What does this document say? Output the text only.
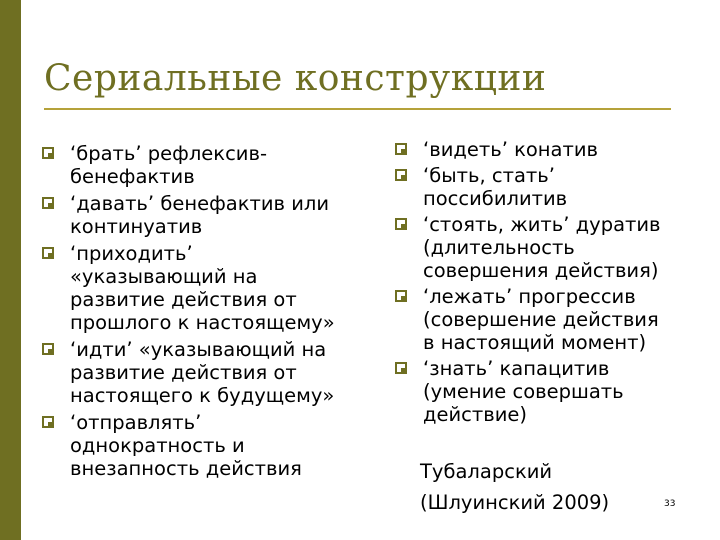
Сериальные конструкции
‘брать’ рефлексив-
бенефактив
‘давать’ бенефактив или
континуатив
‘приходить’
«указывающий на
развитие действия от
прошлого к настоящему»
‘идти’ «указывающий на
развитие действия от
настоящего к будущему»
‘отправлять’
однократность и
внезапность действия
‘видеть’ конатив
‘быть, стать’
поссибилитив
‘стоять, жить’ дуратив
(длительность
совершения действия)
‘лежать’ прогрессив
(совершение действия
в настоящий момент)
‘знать’ капацитив
(умение совершать
действие)
Тубаларский
(Шлуинский 2009)	33
